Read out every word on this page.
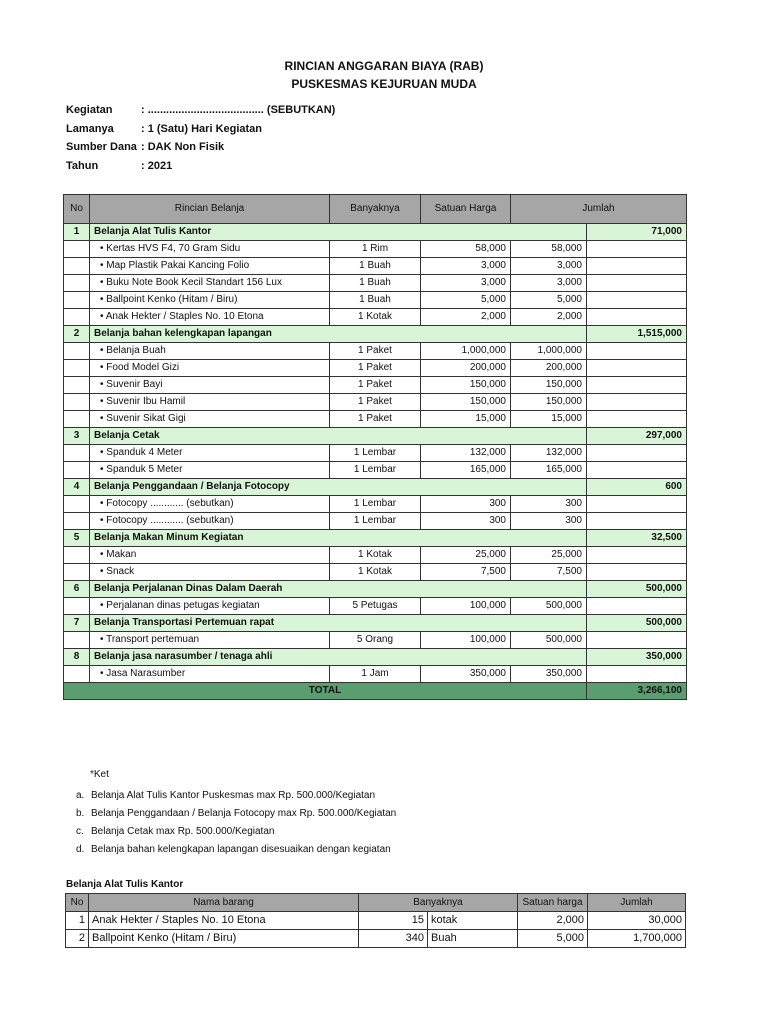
RINCIAN ANGGARAN BIAYA (RAB)
PUSKESMAS KEJURUAN MUDA
Kegiatan	: ...................................... (SEBUTKAN)
Lamanya	: 1 (Satu) Hari Kegiatan
Sumber Dana : DAK Non Fisik
Tahun	: 2021
No	Rincian Belanja	Banyaknya	Satuan Harga	Jumlah	
1	Belanja Alat Tulis Kantor				71,000
	• Kertas HVS F4, 70 Gram Sidu	1 Rim	58,000	58,000	
	• Map Plastik Pakai Kancing Folio	1 Buah	3,000	3,000	
	• Buku Note Book Kecil Standart 156 Lux	1 Buah	3,000	3,000	
	• Ballpoint Kenko (Hitam / Biru)	1 Buah	5,000	5,000	
	• Anak Hekter / Staples No. 10 Etona	1 Kotak	2,000	2,000	
2	Belanja bahan kelengkapan lapangan				1,515,000
	• Belanja Buah	1 Paket	1,000,000	1,000,000	
	• Food Model Gizi	1 Paket	200,000	200,000	
	• Suvenir Bayi	1 Paket	150,000	150,000	
	• Suvenir Ibu Hamil	1 Paket	150,000	150,000	
	• Suvenir Sikat Gigi	1 Paket	15,000	15,000	
3	Belanja Cetak				297,000
	• Spanduk 4 Meter	1 Lembar	132,000	132,000	
	• Spanduk 5 Meter	1 Lembar	165,000	165,000	
4	Belanja Penggandaan / Belanja Fotocopy				600
	• Fotocopy ............ (sebutkan)	1 Lembar	300	300	
	• Fotocopy ............ (sebutkan)	1 Lembar	300	300	
5	Belanja Makan Minum Kegiatan				32,500
	• Makan	1 Kotak	25,000	25,000	
	• Snack	1 Kotak	7,500	7,500	
6	Belanja Perjalanan Dinas Dalam Daerah				500,000
	• Perjalanan dinas petugas kegiatan	5 Petugas	100,000	500,000	
7	Belanja Transportasi Pertemuan rapat				500,000
	• Transport pertemuan	5 Orang	100,000	500,000	
8	Belanja jasa narasumber / tenaga ahli				350,000
	• Jasa Narasumber	1 Jam	350,000	350,000	
TOTAL					3,266,100
*Ket
a. Belanja Alat Tulis Kantor Puskesmas max Rp. 500.000/Kegiatan
b. Belanja Penggandaan / Belanja Fotocopy max Rp. 500.000/Kegiatan
c. Belanja Cetak max Rp. 500.000/Kegiatan
d. Belanja bahan kelengkapan lapangan disesuaikan dengan kegiatan
Belanja Alat Tulis Kantor
No	Nama barang	Banyaknya		Satuan harga	Jumlah
1	Anak Hekter / Staples No. 10 Etona	15	kotak	2,000	30,000
2	Ballpoint Kenko (Hitam / Biru)	340	Buah	5,000	1,700,000
